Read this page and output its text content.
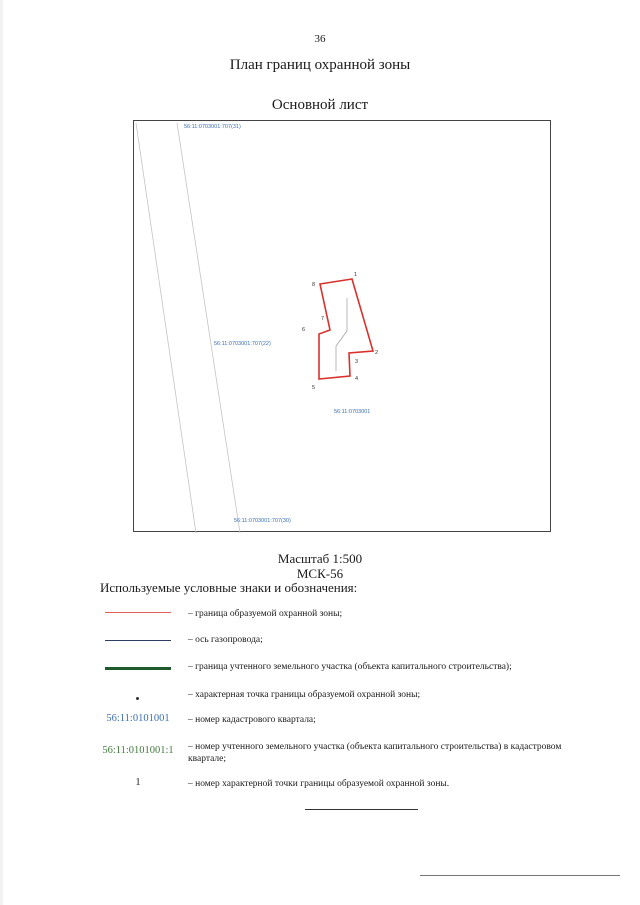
36
План границ охранной зоны
Основной лист
56:11:0703001:707(31)
56:11:0703001:707(22)
56:11:0703001:707(30)
56:11:0703001
1
2
3
4
5
6
7
8
Масштаб 1:500
МСК-56
Используемые условные знаки и обозначения:
– граница образуемой охранной зоны;
– ось газопровода;
– граница учтенного земельного участка (объекта капитального строительства);
– характерная точка границы образуемой охранной зоны;
56:11:0101001	– номер кадастрового квартала;
56:11:0101001:1	– номер учтенного земельного участка (объекта капитального строительства) в кадастровом квартале;
1	– номер характерной точки границы образуемой охранной зоны.
